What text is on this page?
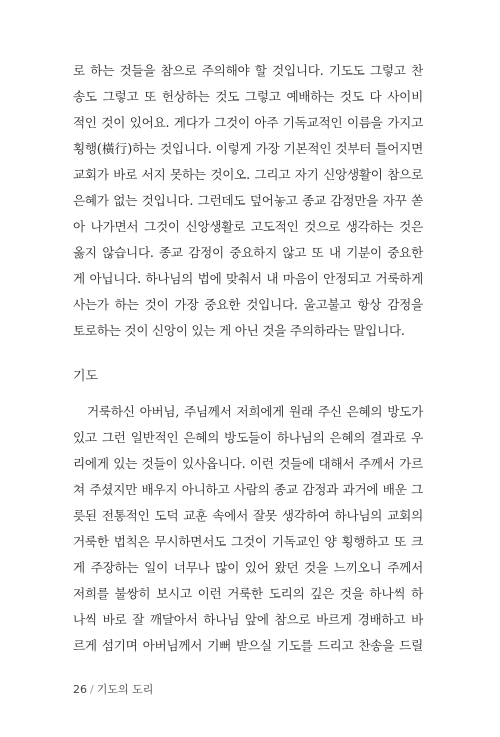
로 하는 것들을 참으로 주의해야 할 것입니다. 기도도 그렇고 찬
송도 그렇고 또 헌상하는 것도 그렇고 예배하는 것도 다 사이비
적인 것이 있어요. 게다가 그것이 아주 기독교적인 이름을 가지고
횡행(橫行)하는 것입니다. 이렇게 가장 기본적인 것부터 틀어지면
교회가 바로 서지 못하는 것이오. 그리고 자기 신앙생활이 참으로
은혜가 없는 것입니다. 그런데도 덮어놓고 종교 감정만을 자꾸 쏟
아 나가면서 그것이 신앙생활로 고도적인 것으로 생각하는 것은
옳지 않습니다. 종교 감정이 중요하지 않고 또 내 기분이 중요한
게 아닙니다. 하나님의 법에 맞춰서 내 마음이 안정되고 거룩하게
사는가 하는 것이 가장 중요한 것입니다. 울고불고 항상 감정을
토로하는 것이 신앙이 있는 게 아닌 것을 주의하라는 말입니다.
기도
거룩하신 아버님, 주님께서 저희에게 원래 주신 은혜의 방도가
있고 그런 일반적인 은혜의 방도들이 하나님의 은혜의 결과로 우
리에게 있는 것들이 있사옵니다. 이런 것들에 대해서 주께서 가르
쳐 주셨지만 배우지 아니하고 사람의 종교 감정과 과거에 배운 그
릇된 전통적인 도덕 교훈 속에서 잘못 생각하여 하나님의 교회의
거룩한 법칙은 무시하면서도 그것이 기독교인 양 횡행하고 또 크
게 주장하는 일이 너무나 많이 있어 왔던 것을 느끼오니 주께서
저희를 불쌍히 보시고 이런 거룩한 도리의 깊은 것을 하나씩 하
나씩 바로 잘 깨달아서 하나님 앞에 참으로 바르게 경배하고 바
르게 섬기며 아버님께서 기뻐 받으실 기도를 드리고 찬송을 드릴
26 / 기도의 도리
